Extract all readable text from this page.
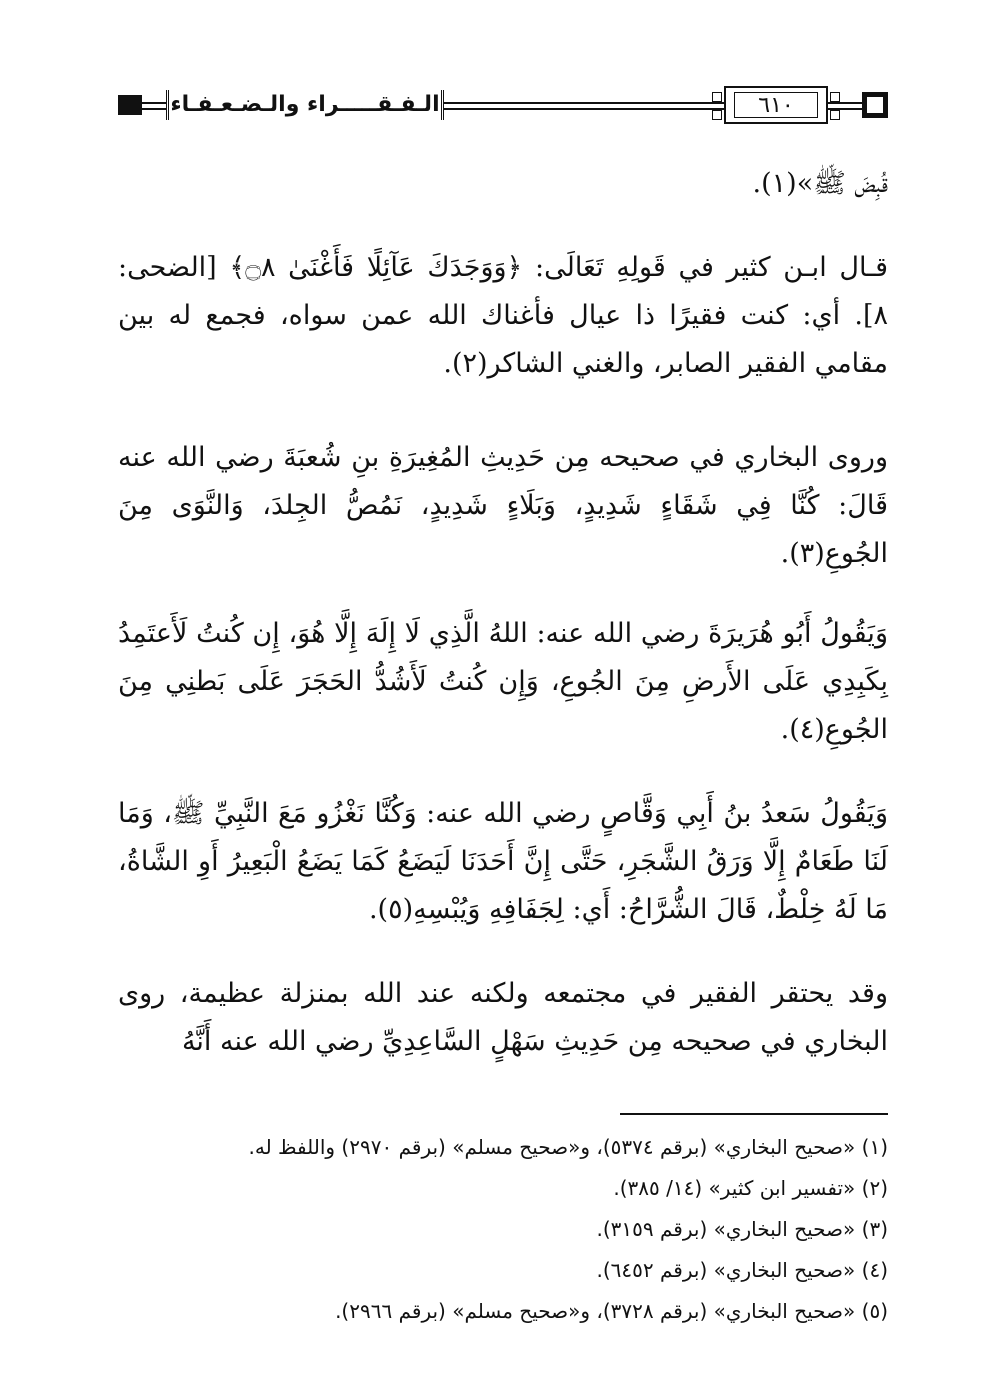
الـفـقـــــراء والـضـعـفـاء	٦١٠
قُبِضَ ﷺ»(١).
قـال ابـن كثير في قَولِهِ تَعَالَى: ﴿وَوَجَدَكَ عَآئِلًا فَأَغْنَىٰ ۝٨﴾ [الضحى: ٨]. أي: كنت فقيرًا ذا عيال فأغناك الله عمن سواه، فجمع له بين مقامي الفقير الصابر، والغني الشاكر(٢).
وروى البخاري في صحيحه مِن حَدِيثِ المُغِيرَةِ بنِ شُعبَةَ رضي الله عنه قَالَ: كُنَّا فِي شَقَاءٍ شَدِيدٍ، وَبَلَاءٍ شَدِيدٍ، نَمُصُّ الجِلدَ، وَالنَّوَى مِنَ الجُوعِ(٣).
وَيَقُولُ أَبُو هُرَيرَةَ رضي الله عنه: اللهُ الَّذِي لَا إِلَهَ إِلَّا هُوَ، إِن كُنتُ لَأَعتَمِدُ بِكَبِدِي عَلَى الأَرضِ مِنَ الجُوعِ، وَإِن كُنتُ لَأَشُدُّ الحَجَرَ عَلَى بَطنِي مِنَ الجُوعِ(٤).
وَيَقُولُ سَعدُ بنُ أَبِي وَقَّاصٍ رضي الله عنه: وَكُنَّا نَغْزُو مَعَ النَّبِيِّ ﷺ، وَمَا لَنَا طَعَامٌ إِلَّا وَرَقُ الشَّجَرِ، حَتَّى إِنَّ أَحَدَنَا لَيَضَعُ كَمَا يَضَعُ الْبَعِيرُ أَوِ الشَّاةُ، مَا لَهُ خِلْطٌ، قَالَ الشُّرَّاحُ: أَي: لِجَفَافِهِ وَيُبْسِهِ(٥).
وقد يحتقر الفقير في مجتمعه ولكنه عند الله بمنزلة عظيمة، روى البخاري في صحيحه مِن حَدِيثِ سَهْلٍ السَّاعِدِيِّ رضي الله عنه أَنَّهُ
(١) «صحيح البخاري» (برقم ٥٣٧٤)، و«صحيح مسلم» (برقم ٢٩٧٠) واللفظ له.
(٢) «تفسير ابن كثير» (١٤/ ٣٨٥).
(٣) «صحيح البخاري» (برقم ٣١٥٩).
(٤) «صحيح البخاري» (برقم ٦٤٥٢).
(٥) «صحيح البخاري» (برقم ٣٧٢٨)، و«صحيح مسلم» (برقم ٢٩٦٦).
